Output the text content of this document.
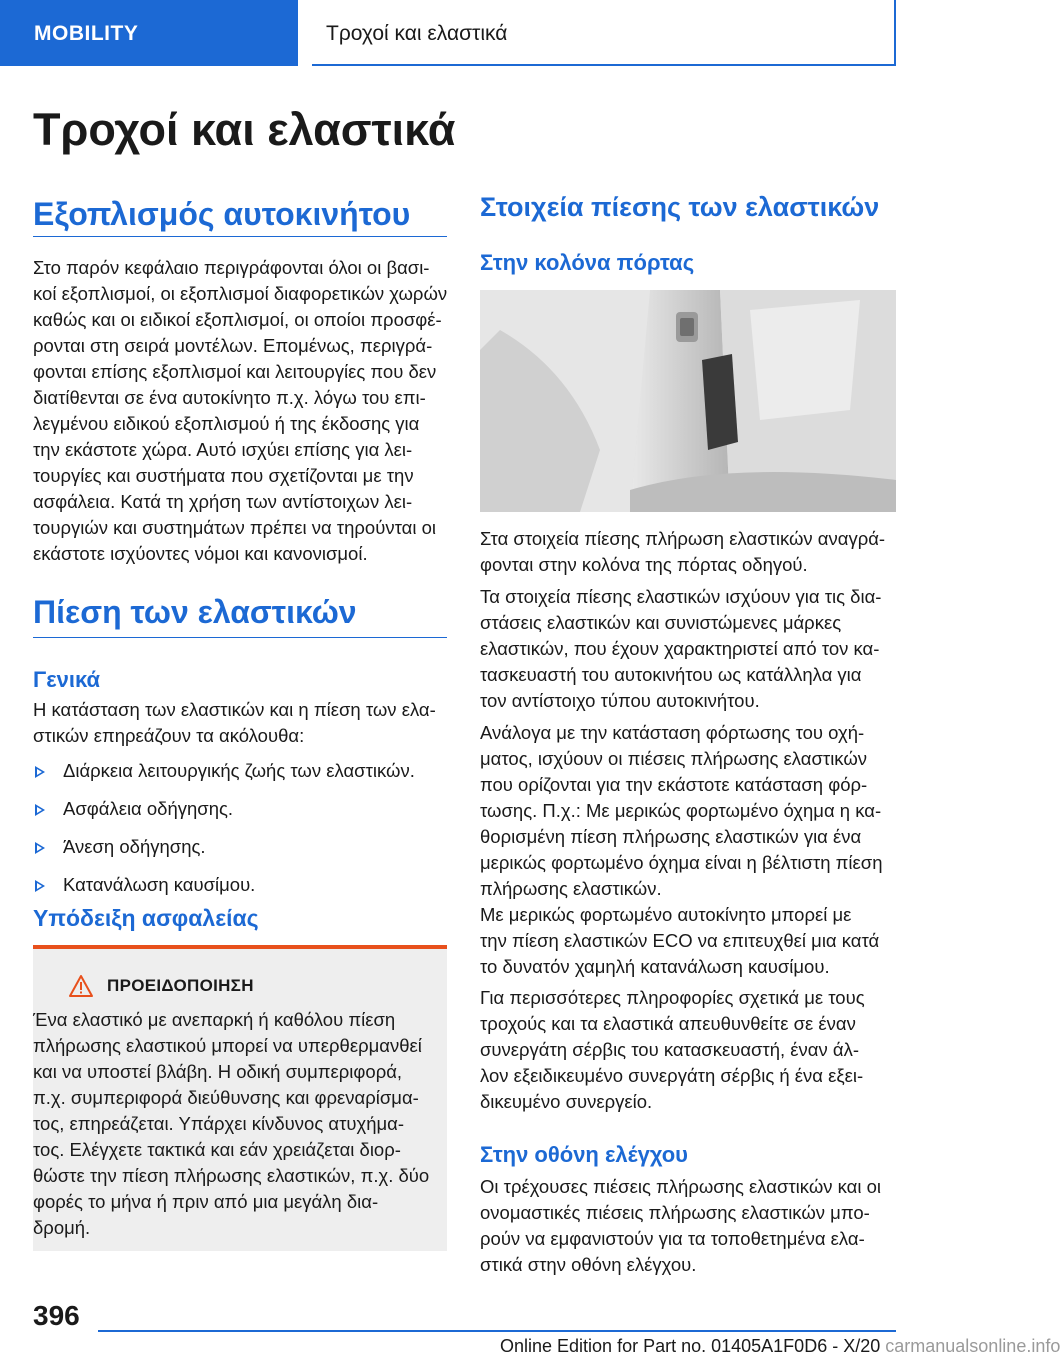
MOBILITY	Τροχοί και ελαστικά
Τροχοί και ελαστικά
Εξοπλισμός αυτοκινήτου
Στο παρόν κεφάλαιο περιγράφονται όλοι οι βασι-
κοί εξοπλισμοί, οι εξοπλισμοί διαφορετικών χωρών
καθώς και οι ειδικοί εξοπλισμοί, οι οποίοι προσφέ-
ρονται στη σειρά μοντέλων. Επομένως, περιγρά-
φονται επίσης εξοπλισμοί και λειτουργίες που δεν
διατίθενται σε ένα αυτοκίνητο π.χ. λόγω του επι-
λεγμένου ειδικού εξοπλισμού ή της έκδοσης για
την εκάστοτε χώρα. Αυτό ισχύει επίσης για λει-
τουργίες και συστήματα που σχετίζονται με την
ασφάλεια. Κατά τη χρήση των αντίστοιχων λει-
τουργιών και συστημάτων πρέπει να τηρούνται οι
εκάστοτε ισχύοντες νόμοι και κανονισμοί.
Πίεση των ελαστικών
Γενικά
Η κατάσταση των ελαστικών και η πίεση των ελα-
στικών επηρεάζουν τα ακόλουθα:
Διάρκεια λειτουργικής ζωής των ελαστικών.
Ασφάλεια οδήγησης.
Άνεση οδήγησης.
Κατανάλωση καυσίμου.
Υπόδειξη ασφαλείας
ΠΡΟΕΙΔΟΠΟΙΗΣΗ
Ένα ελαστικό με ανεπαρκή ή καθόλου πίεση
πλήρωσης ελαστικού μπορεί να υπερθερμανθεί
και να υποστεί βλάβη. Η οδική συμπεριφορά,
π.χ. συμπεριφορά διεύθυνσης και φρεναρίσμα-
τος, επηρεάζεται. Υπάρχει κίνδυνος ατυχήμα-
τος. Ελέγχετε τακτικά και εάν χρειάζεται διορ-
θώστε την πίεση πλήρωσης ελαστικών, π.χ. δύο
φορές το μήνα ή πριν από μια μεγάλη δια-
δρομή.
Στοιχεία πίεσης των ελαστικών
Στην κολόνα πόρτας
Στα στοιχεία πίεσης πλήρωση ελαστικών αναγρά-
φονται στην κολόνα της πόρτας οδηγού.
Τα στοιχεία πίεσης ελαστικών ισχύουν για τις δια-
στάσεις ελαστικών και συνιστώμενες μάρκες
ελαστικών, που έχουν χαρακτηριστεί από τον κα-
τασκευαστή του αυτοκινήτου ως κατάλληλα για
τον αντίστοιχο τύπου αυτοκινήτου.
Ανάλογα με την κατάσταση φόρτωσης του οχή-
ματος, ισχύουν οι πιέσεις πλήρωσης ελαστικών
που ορίζονται για την εκάστοτε κατάσταση φόρ-
τωσης. Π.χ.: Με μερικώς φορτωμένο όχημα η κα-
θορισμένη πίεση πλήρωσης ελαστικών για ένα
μερικώς φορτωμένο όχημα είναι η βέλτιστη πίεση
πλήρωσης ελαστικών.
Με μερικώς φορτωμένο αυτοκίνητο μπορεί με
την πίεση ελαστικών ECO να επιτευχθεί μια κατά
το δυνατόν χαμηλή κατανάλωση καυσίμου.
Για περισσότερες πληροφορίες σχετικά με τους
τροχούς και τα ελαστικά απευθυνθείτε σε έναν
συνεργάτη σέρβις του κατασκευαστή, έναν άλ-
λον εξειδικευμένο συνεργάτη σέρβις ή ένα εξει-
δικευμένο συνεργείο.
Στην οθόνη ελέγχου
Οι τρέχουσες πιέσεις πλήρωσης ελαστικών και οι
ονομαστικές πιέσεις πλήρωσης ελαστικών μπο-
ρούν να εμφανιστούν για τα τοποθετημένα ελα-
στικά στην οθόνη ελέγχου.
396
Online Edition for Part no. 01405A1F0D6 - X/20 carmanualsonline.info
